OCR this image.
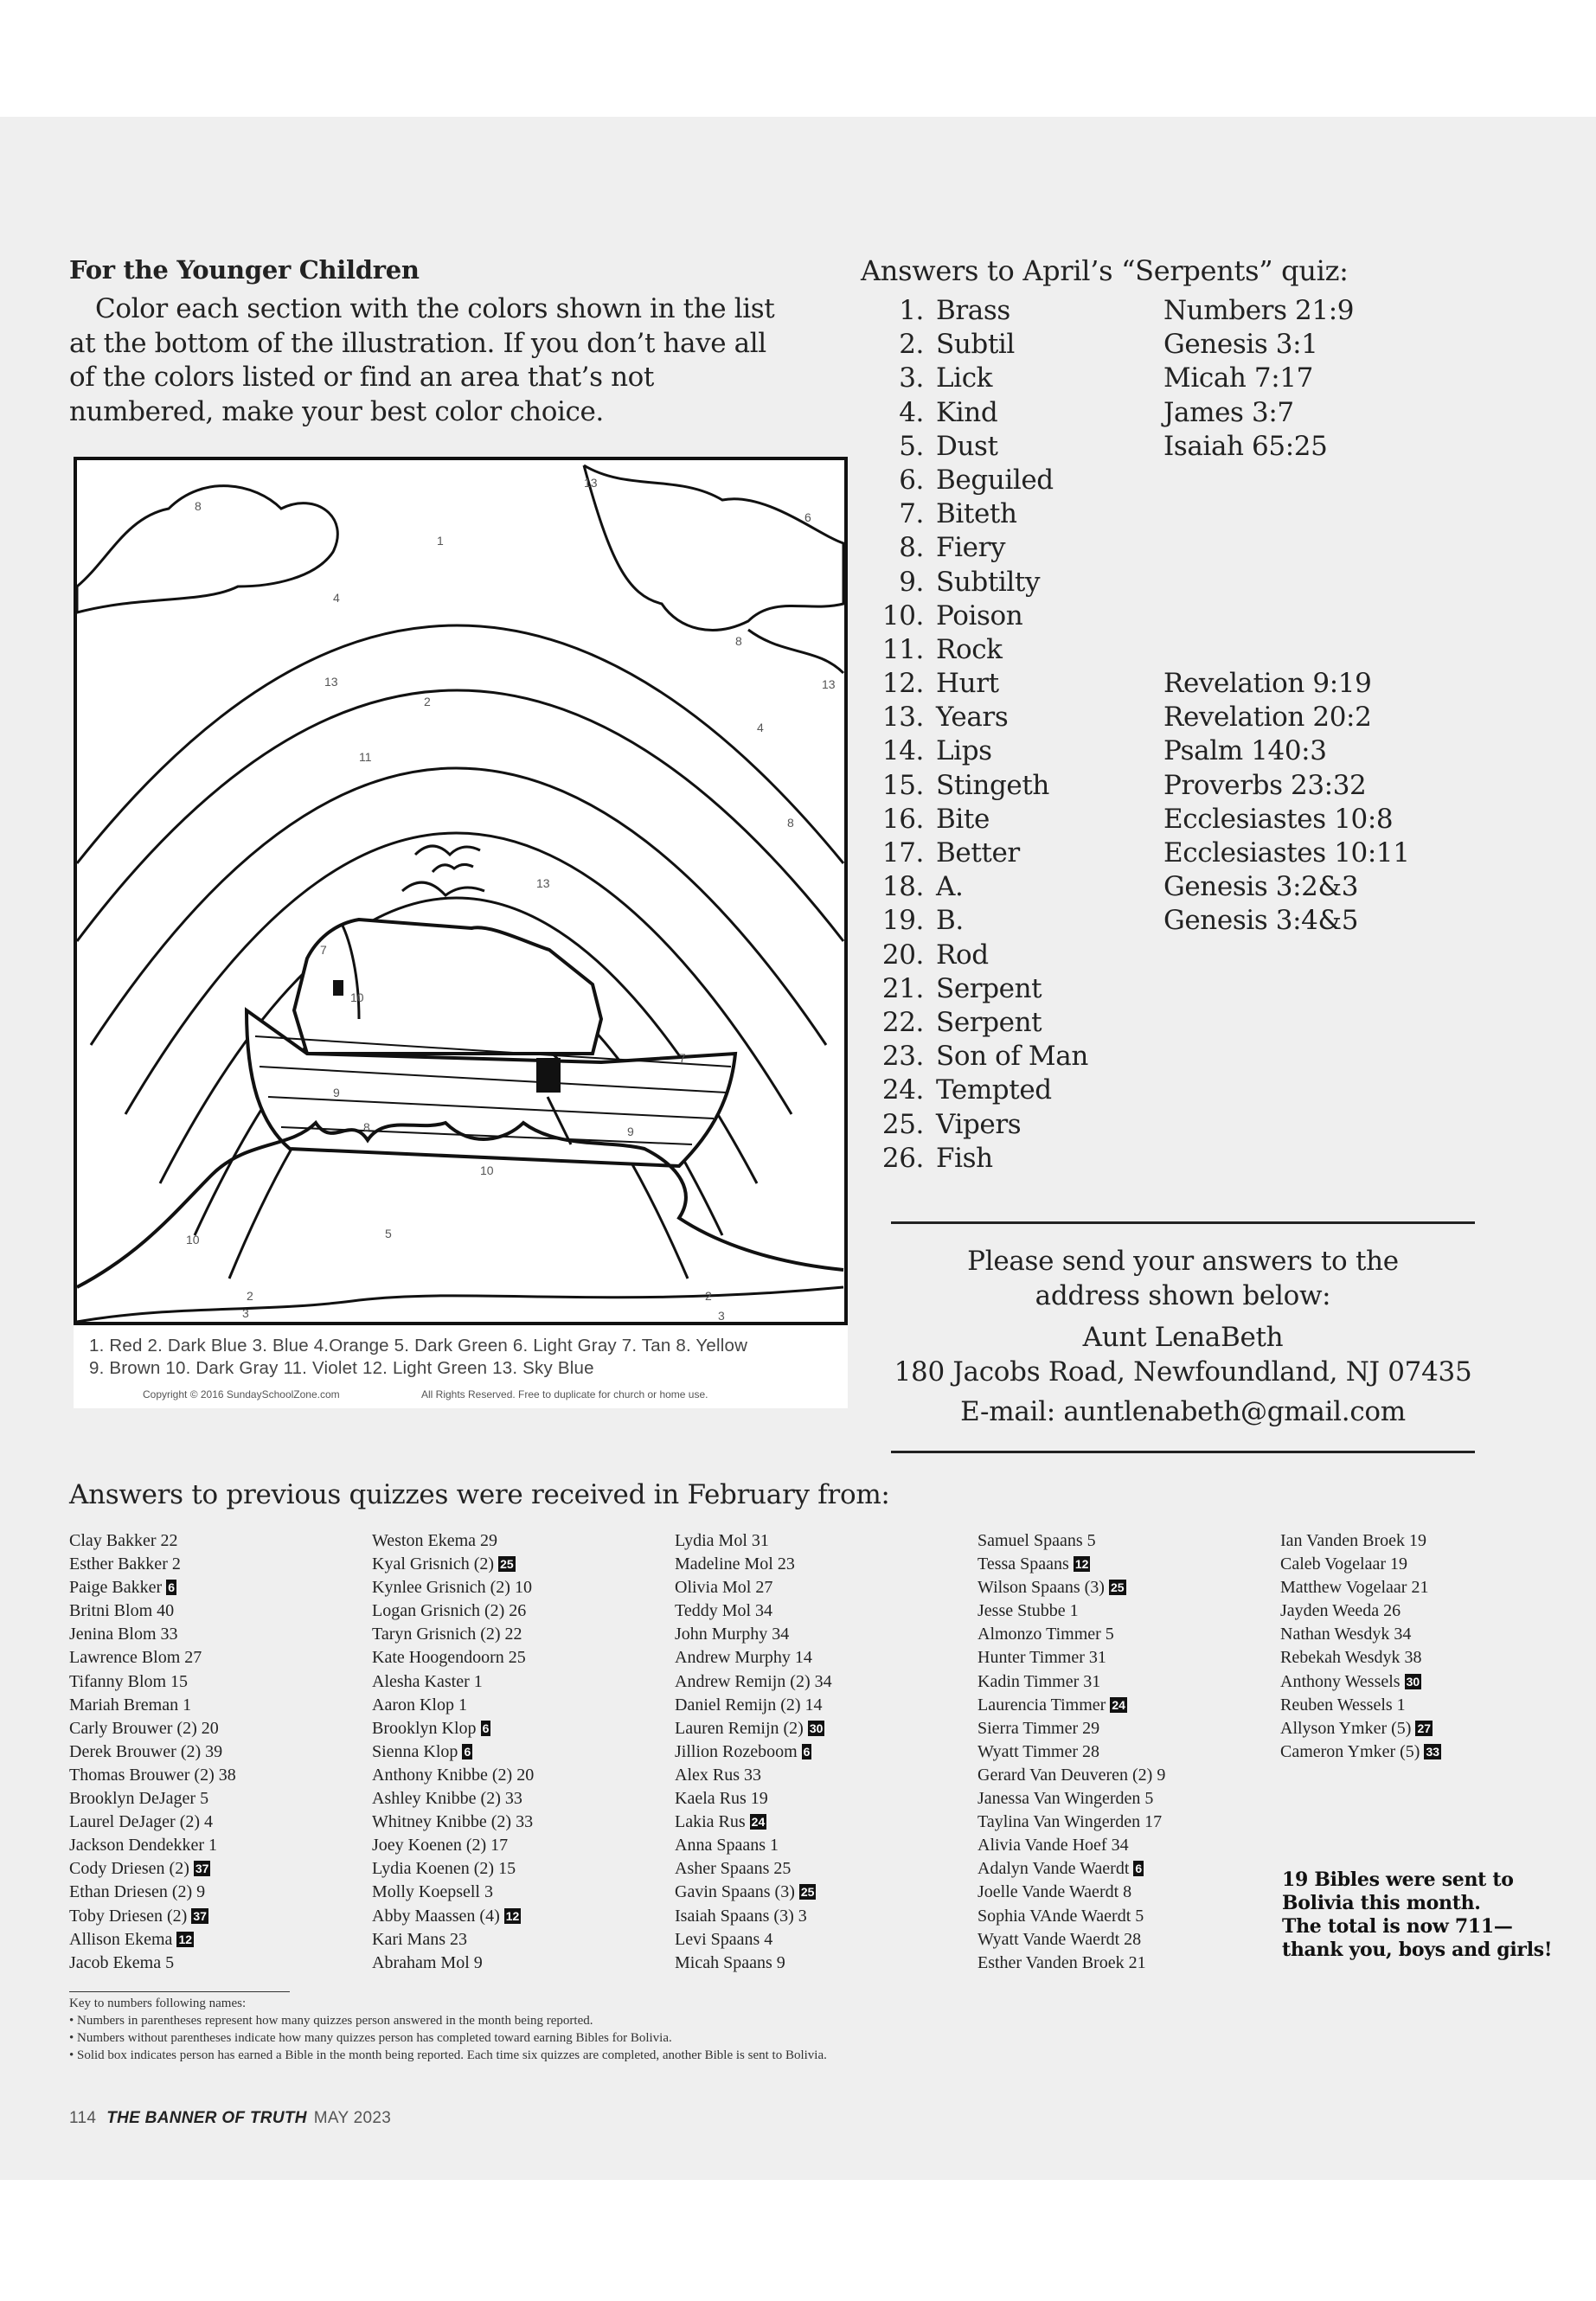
For the Younger Children
Color each section with the colors shown in the list at the bottom of the illustration. If you don’t have all of the colors listed or find an area that’s not numbered, make your best color choice.
8
13
6
1
4
8
2
13	13
4
11
13
8
7
10
7
9
8	9
10
5
10
2
3
2
3
1. Red 2. Dark Blue 3. Blue 4.Orange 5. Dark Green 6. Light Gray 7. Tan 8. Yellow
9. Brown 10. Dark Gray 11. Violet 12. Light Green 13. Sky Blue
Copyright © 2016 SundaySchoolZone.com	All Rights Reserved. Free to duplicate for church or home use.
Answers to April’s “Serpents” quiz:
1. Brass	Numbers 21:9
2. Subtil	Genesis 3:1
3. Lick	Micah 7:17
4. Kind	James 3:7
5. Dust	Isaiah 65:25
6. Beguiled
7. Biteth
8. Fiery
9. Subtilty
10. Poison
11. Rock
12. Hurt	Revelation 9:19
13. Years	Revelation 20:2
14. Lips	Psalm 140:3
15. Stingeth	Proverbs 23:32
16. Bite	Ecclesiastes 10:8
17. Better	Ecclesiastes 10:11
18. A.	Genesis 3:2&3
19. B.	Genesis 3:4&5
20. Rod
21. Serpent
22. Serpent
23. Son of Man
24. Tempted
25. Vipers
26. Fish
Please send your answers to the
address shown below:
Aunt LenaBeth
180 Jacobs Road, Newfoundland, NJ 07435
E-mail: auntlenabeth@gmail.com
Answers to previous quizzes were received in February from:
Clay Bakker 22
Esther Bakker 2
Paige Bakker 6
Britni Blom 40
Jenina Blom 33
Lawrence Blom 27
Tifanny Blom 15
Mariah Breman 1
Carly Brouwer (2) 20
Derek Brouwer (2) 39
Thomas Brouwer (2) 38
Brooklyn DeJager 5
Laurel DeJager (2) 4
Jackson Dendekker 1
Cody Driesen (2) 37
Ethan Driesen (2) 9
Toby Driesen (2) 37
Allison Ekema 12
Jacob Ekema 5
Weston Ekema 29
Kyal Grisnich (2) 25
Kynlee Grisnich (2) 10
Logan Grisnich (2) 26
Taryn Grisnich (2) 22
Kate Hoogendoorn 25
Alesha Kaster 1
Aaron Klop 1
Brooklyn Klop 6
Sienna Klop 6
Anthony Knibbe (2) 20
Ashley Knibbe (2) 33
Whitney Knibbe (2) 33
Joey Koenen (2) 17
Lydia Koenen (2) 15
Molly Koepsell 3
Abby Maassen (4) 12
Kari Mans 23
Abraham Mol 9
Lydia Mol 31
Madeline Mol 23
Olivia Mol 27
Teddy Mol 34
John Murphy 34
Andrew Murphy 14
Andrew Remijn (2) 34
Daniel Remijn (2) 14
Lauren Remijn (2) 30
Jillion Rozeboom 6
Alex Rus 33
Kaela Rus 19
Lakia Rus 24
Anna Spaans 1
Asher Spaans 25
Gavin Spaans (3) 25
Isaiah Spaans (3) 3
Levi Spaans 4
Micah Spaans 9
Samuel Spaans 5
Tessa Spaans 12
Wilson Spaans (3) 25
Jesse Stubbe 1
Almonzo Timmer 5
Hunter Timmer 31
Kadin Timmer 31
Laurencia Timmer 24
Sierra Timmer 29
Wyatt Timmer 28
Gerard Van Deuveren (2) 9
Janessa Van Wingerden 5
Taylina Van Wingerden 17
Alivia Vande Hoef 34
Adalyn Vande Waerdt 6
Joelle Vande Waerdt 8
Sophia VAnde Waerdt 5
Wyatt Vande Waerdt 28
Esther Vanden Broek 21
Ian Vanden Broek 19
Caleb Vogelaar 19
Matthew Vogelaar 21
Jayden Weeda 26
Nathan Wesdyk 34
Rebekah Wesdyk 38
Anthony Wessels 30
Reuben Wessels 1
Allyson Ymker (5) 27
Cameron Ymker (5) 33
19 Bibles were sent to
Bolivia this month.
The total is now 711—
thank you, boys and girls!
Key to numbers following names:
• Numbers in parentheses represent how many quizzes person answered in the month being reported.
• Numbers without parentheses indicate how many quizzes person has completed toward earning Bibles for Bolivia.
• Solid box indicates person has earned a Bible in the month being reported. Each time six quizzes are completed, another Bible is sent to Bolivia.
114 THE BANNER OF TRUTH MAY 2023
